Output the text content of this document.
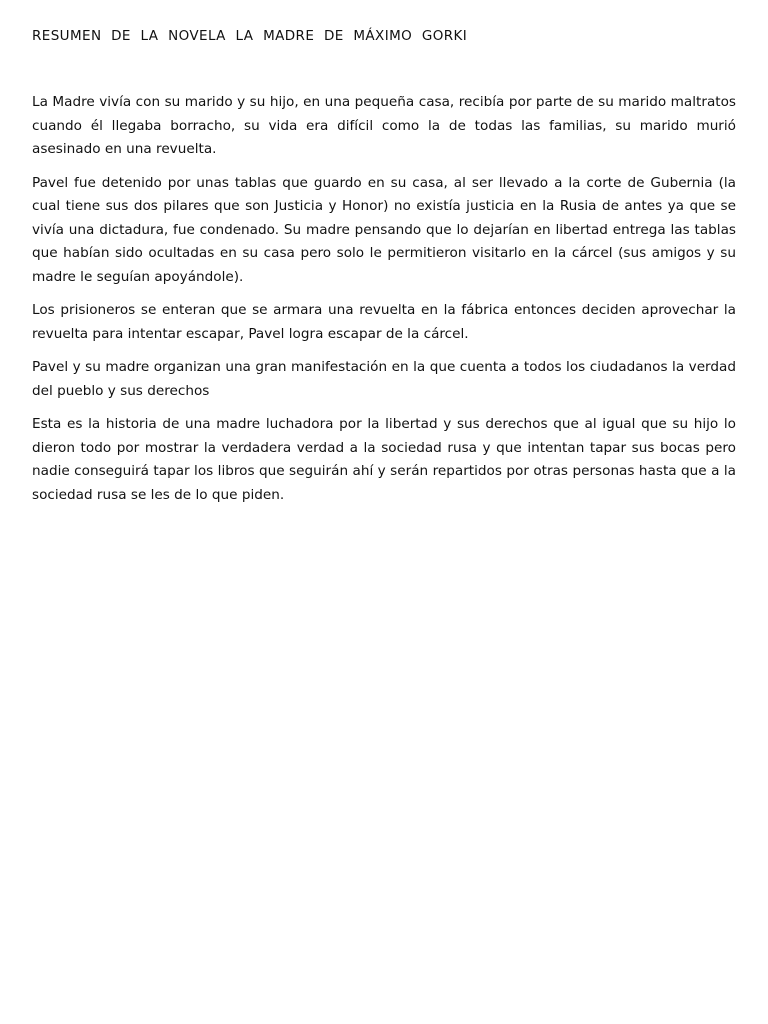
RESUMEN DE LA NOVELA LA MADRE DE MÁXIMO GORKI

La Madre vivía con su marido y su hijo, en una pequeña casa, recibía por parte de su marido maltratos cuando él llegaba borracho, su vida era difícil como la de todas las familias, su marido murió asesinado en una revuelta.

Pavel fue detenido por unas tablas que guardo en su casa, al ser llevado a la corte de Gubernia (la cual tiene sus dos pilares que son Justicia y Honor) no existía justicia en la Rusia de antes ya que se vivía una dictadura, fue condenado. Su madre pensando que lo dejarían en libertad entrega las tablas que habían sido ocultadas en su casa pero solo le permitieron visitarlo en la cárcel (sus amigos y su madre le seguían apoyándole).

Los prisioneros se enteran que se armara una revuelta en la fábrica entonces deciden aprovechar la revuelta para intentar escapar, Pavel logra escapar de la cárcel.

Pavel y su madre organizan una gran manifestación en la que cuenta a todos los ciudadanos la verdad del pueblo y sus derechos

Esta es la historia de una madre luchadora por la libertad y sus derechos que al igual que su hijo lo dieron todo por mostrar la verdadera verdad a la sociedad rusa y que intentan tapar sus bocas pero nadie conseguirá tapar los libros que seguirán ahí y serán repartidos por otras personas hasta que a la sociedad rusa se les de lo que piden.
